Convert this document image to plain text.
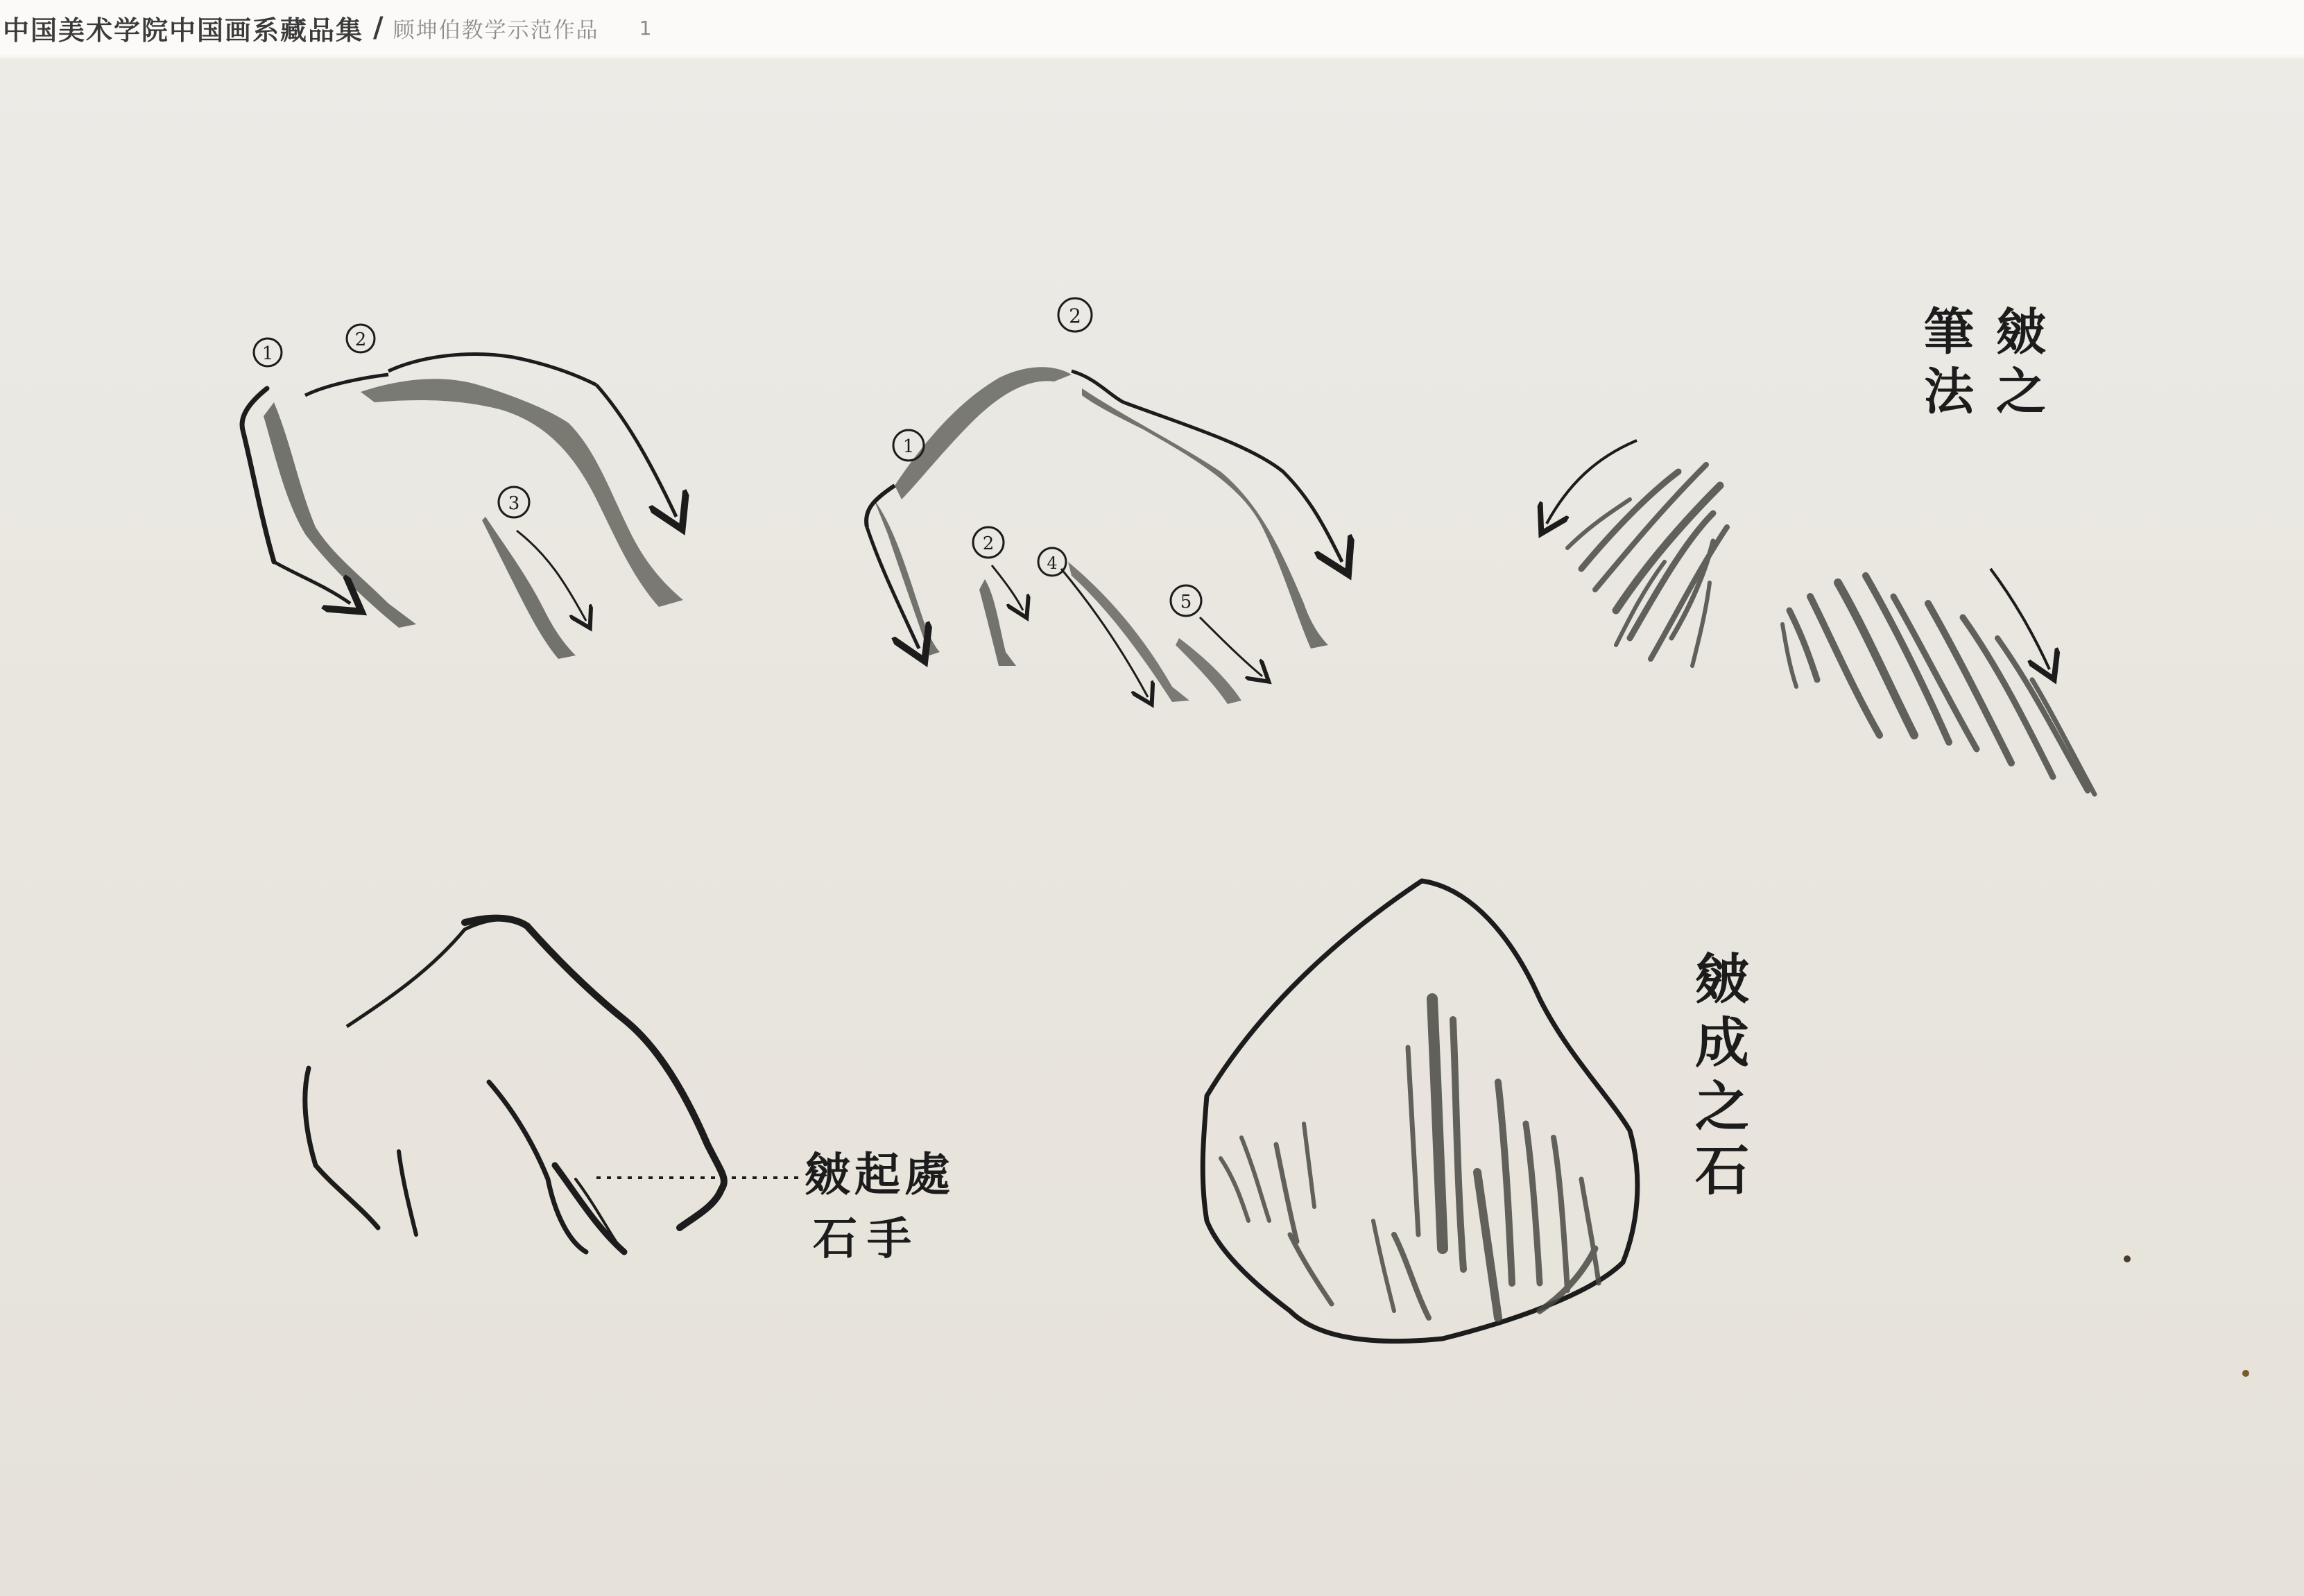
中国美术学院中国画系藏品集 / 顾坤伯教学示范作品 1
1
2
3
1
2
2
4
5
皴之
筆法
皴起處
石手
皴成之石
